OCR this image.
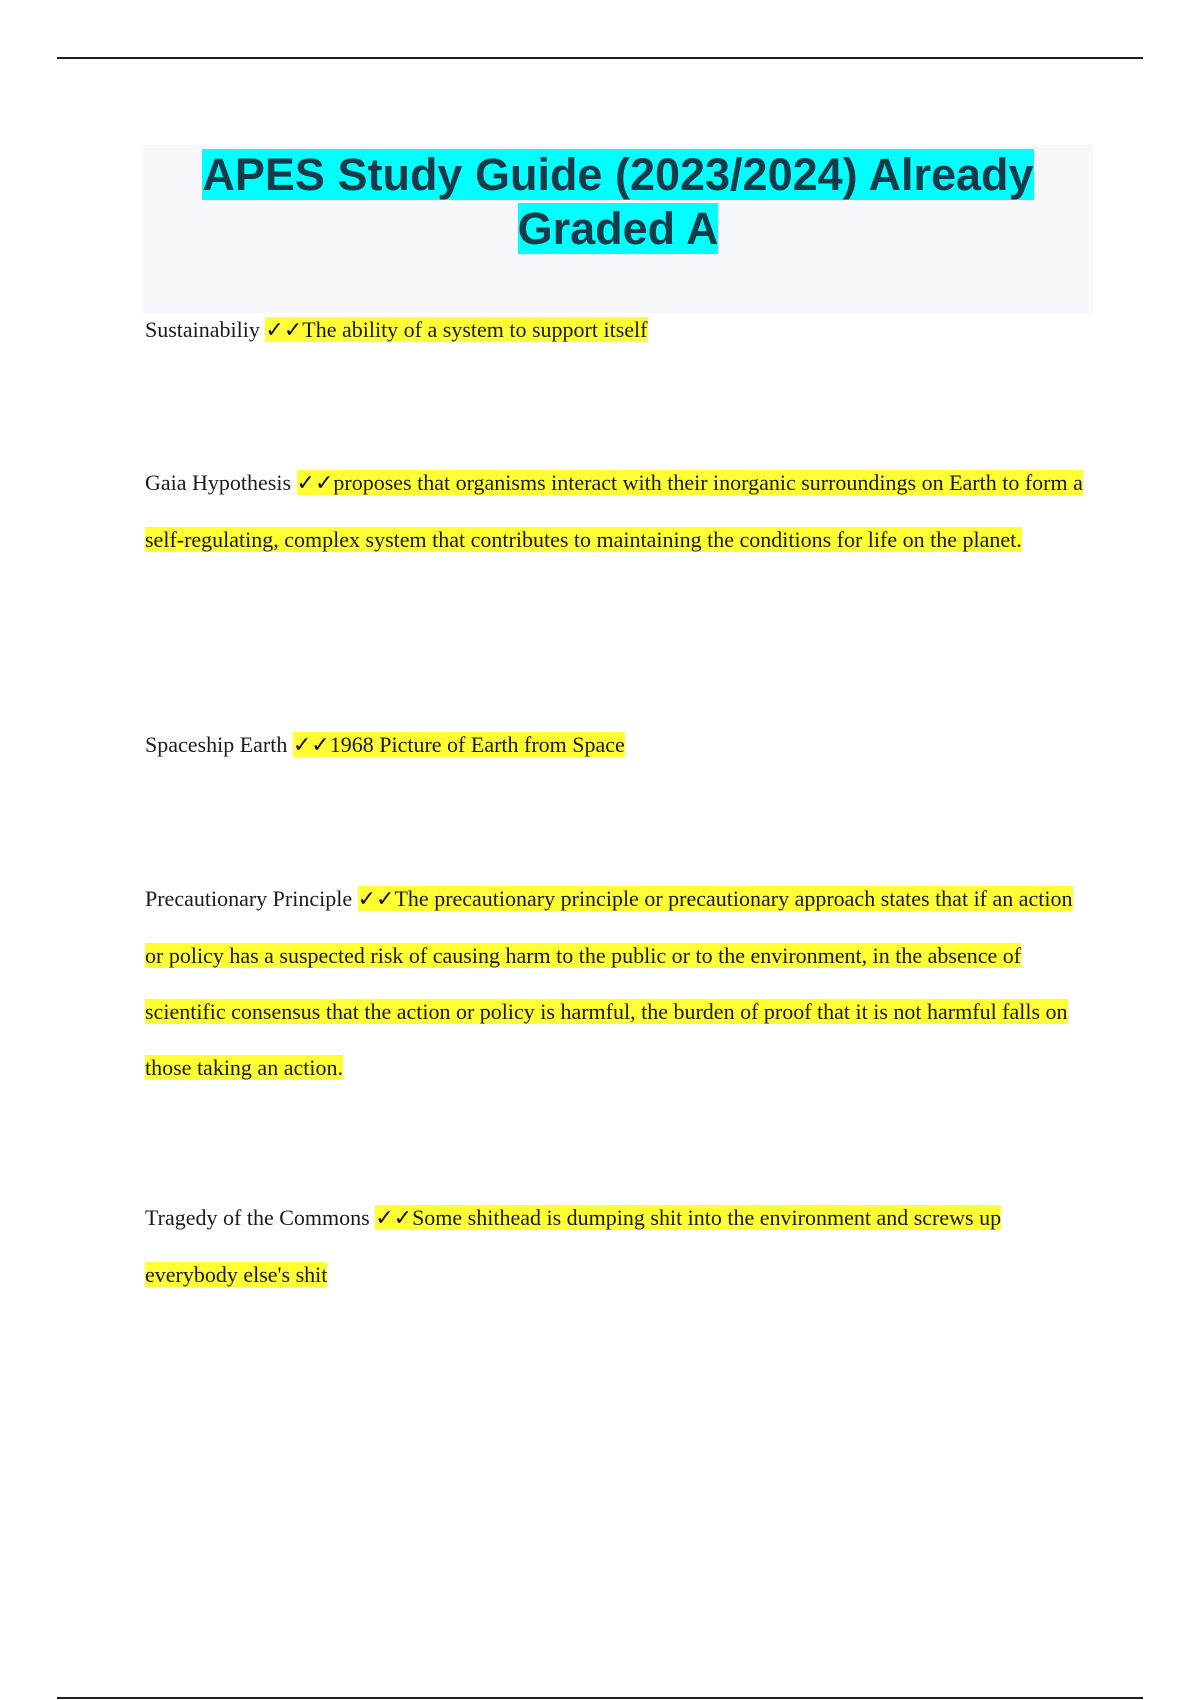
APES Study Guide (2023/2024) Already
Graded A
Sustainabiliy ✓✓The ability of a system to support itself
Gaia Hypothesis ✓✓proposes that organisms interact with their inorganic surroundings on Earth to form a self-regulating, complex system that contributes to maintaining the conditions for life on the planet.
Spaceship Earth ✓✓1968 Picture of Earth from Space
Precautionary Principle ✓✓The precautionary principle or precautionary approach states that if an action or policy has a suspected risk of causing harm to the public or to the environment, in the absence of scientific consensus that the action or policy is harmful, the burden of proof that it is not harmful falls on those taking an action.
Tragedy of the Commons ✓✓Some shithead is dumping shit into the environment and screws up everybody else's shit
